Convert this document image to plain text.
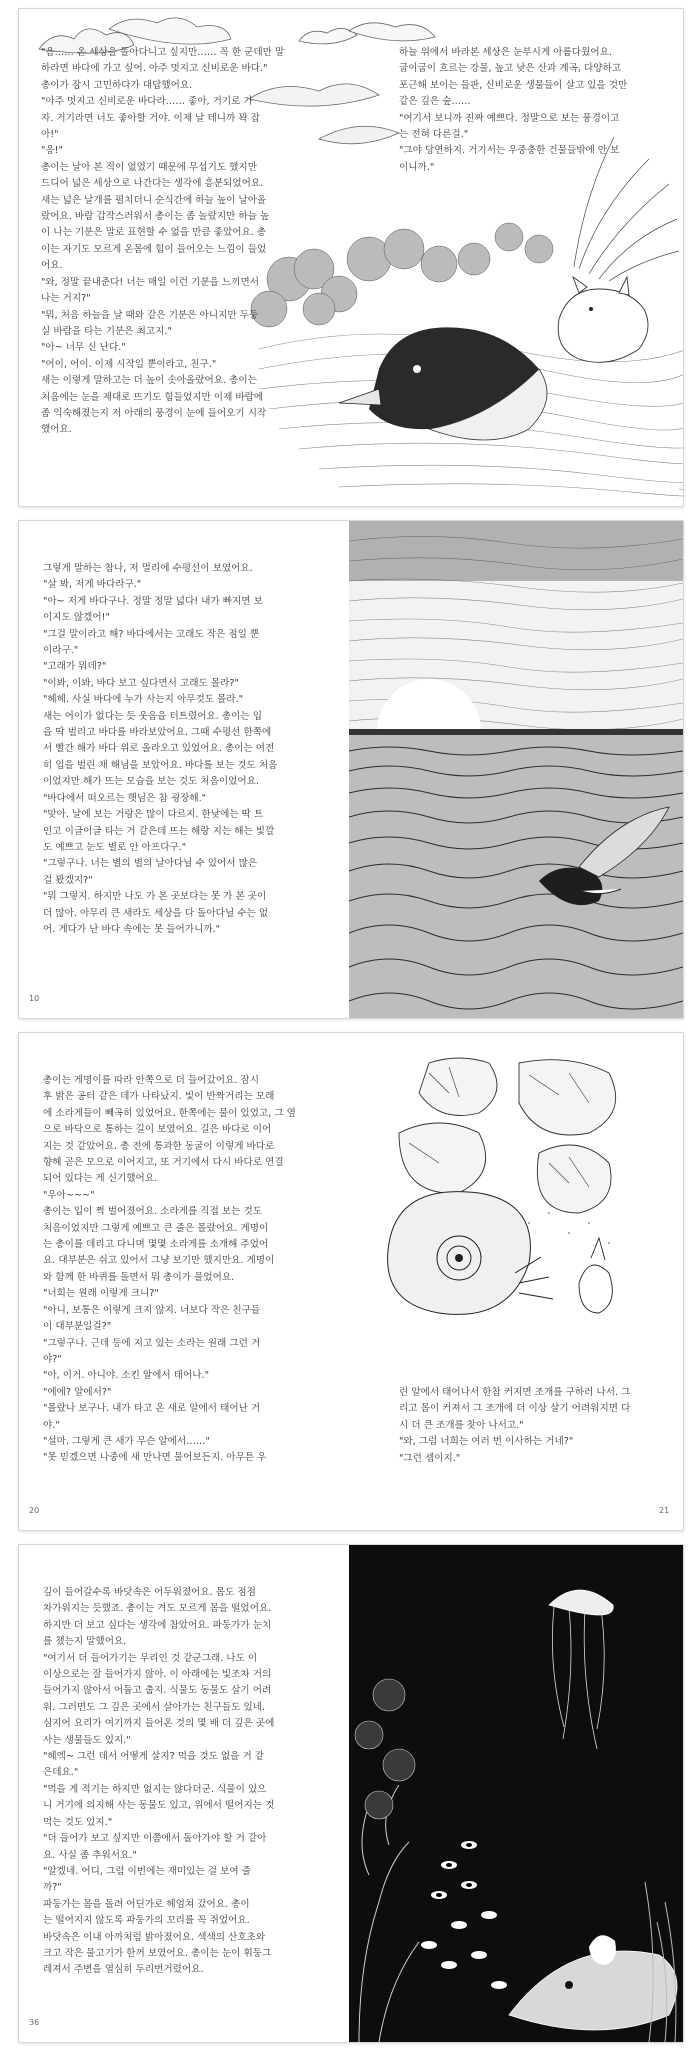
"음…… 온 세상을 돌아다니고 싶지만…… 꼭 한 군데만 말

하라면 바다에 가고 싶어. 아주 멋지고 신비로운 바다."

총이가 잠시 고민하다가 대답했어요.

"아주 멋지고 신비로운 바다라…… 좋아, 거기로 가

자. 거기라면 너도 좋아할 거야. 이제 날 테니까 꽉 잡

아!"

"응!"

총이는 날아 본 적이 없었기 때문에 무섭기도 했지만

드디어 넓은 세상으로 나간다는 생각에 흥분되었어요.

새는 넓은 날개를 펼치더니 순식간에 하늘 높이 날아올

랐어요. 바람 갑작스러워서 총이는 좀 놀랐지만 하늘 높

이 나는 기분은 말로 표현할 수 없을 만큼 좋았어요. 총

이는 자기도 모르게 온몸에 힘이 들어오는 느낌이 들었

어요.

"와, 정말 끝내준다! 너는 매일 이런 기분을 느끼면서

나는 거지?"

"뭐, 처음 하늘을 날 때와 같은 기분은 아니지만 두둥

실 바람을 타는 기분은 최고지."

"아~ 너무 신 난다."

"어이, 어이. 이제 시작일 뿐이라고, 친구."

새는 이렇게 말하고는 더 높이 솟아올랐어요. 총이는

처음에는 눈을 제대로 뜨기도 힘들었지만 이제 바람에

좀 익숙해졌는지 저 아래의 풍경이 눈에 들어오기 시작

했어요.

하늘 위에서 바라본 세상은 눈부시게 아름다웠어요.

굽이굽이 흐르는 강물, 높고 낮은 산과 계곡, 다양하고

포근해 보이는 들판, 신비로운 생물들이 살고 있을 것만

같은 깊은 숲……

"여기서 보니까 진짜 예쁘다. 정말으로 보는 풍경이고

는 전혀 다른걸."

"그야 당연하지. 거기서는 우중충한 건물들밖에 안 보

이니까."

그렇게 말하는 참나, 저 멀리에 수평선이 보였어요.

"살 봐, 저게 바다라구."

"아~ 저게 바다구나. 정말 정말 넓다! 내가 빠지면 보

이지도 않겠어!"

"그걸 말이라고 해? 바다에서는 고래도 작은 점일 뿐

이라구."

"고래가 뭐데?"

"이봐, 이봐, 바다 보고 싶다면서 고래도 몰라?"

"헤헤. 사실 바다에 누가 사는지 아무것도 몰라."

새는 어이가 없다는 듯 웃음을 터트렸어요. 총이는 입

을 딱 벌리고 바다를 바라보았어요. 그때 수평선 한쪽에

서 빨간 해가 바다 위로 올라오고 있었어요. 총이는 여전

히 입을 벌린 채 해님을 보았어요. 바다를 보는 것도 처음

이었지만 해가 뜨는 모습을 보는 것도 처음이었어요.

"바다에서 떠오르는 햇님은 참 굉장해."

"맞아. 날에 보는 거랑은 많이 다르지. 한낮에는 딱 트

인고 이글이글 타는 거 같은데 뜨는 해랑 지는 해는 빛깔

도 예쁘고 눈도 별로 안 아프다구."

"그렇구나. 너는 별의 별의 날아다닐 수 있어서 많은

걸 봤겠지?"

"뭐 그렇지. 하지만 나도 가 본 곳보다는 못 가 본 곳이

더 많아. 아무리 큰 새라도 세상을 다 돌아다닐 수는 없

어. 게다가 난 바다 속에는 못 들어가니까."

10

총이는 게명이를 따라 안쪽으로 더 들어갔어요. 잠시

후 밝은 공터 같은 데가 나타났지. 빛이 반짝거리는 모래

에 소라게들이 빼곡히 있었어요. 한쪽에는 물이 있었고, 그 옆

으로 바닥으로 통하는 길이 보였어요. 길은 바다로 이어

지는 것 같았어요. 총 전에 통과한 동굴이 이렇게 바다로

향해 곧은 모으로 이어지고, 또 거기에서 다시 바다로 연결

되어 있다는 게 신기했어요.

"우아~~~"

총이는 입이 쩍 벌어졌어요. 소라게를 직접 보는 것도

처음이었지만 그렇게 예쁘고 큰 줄은 몰랐어요. 게명이

는 총이를 데리고 다니며 몇몇 소라게를 소개해 주었어

요. 대부분은 쉬고 있어서 그냥 보기만 했지만요. 게명이

와 함께 한 바퀴를 돌면서 뭐 총이가 물었어요.

"너희는 원래 이렇게 크니?"

"아니, 보통은 이렇게 크지 않지. 너보다 작은 친구들

이 대부분일걸?"

"그렇구나. 근데 등에 지고 있는 소라는 원래 그런 거

야?"

"아, 이거. 아니야. 소킨 알에서 태어나."

"에에? 알에서?"

"몰랐나 보구나. 내가 타고 온 새로 알에서 태어난 거

야."

"설마. 그렇게 큰 새가 무슨 알에서……"

"못 믿겠으면 나중에 새 만나면 물어보든지. 아무튼 우

20

린 알에서 태어나서 한참 커지면 조개를 구하러 나서. 그

리고 몸이 커져서 그 조개에 더 이상 살기 어려워지면 다

시 더 큰 조개를 찾아 나서고."

"와, 그럼 너희는 여러 번 이사하는 거네?"

"그런 셈이지."

21

깊이 들어갈수록 바닷속은 어두워졌어요. 몸도 점점

차가워지는 듯했죠. 총이는 겨도 모르게 몸을 떨었어요.

하지만 더 보고 싶다는 생각에 참았어요. 파둥가가 눈치

를 챘는지 말했어요.

"여기서 더 들어가기는 무리인 것 같군그래. 나도 이

이상으로는 잘 들어가지 않아. 이 아래에는 빛조차 거의

들어가지 않아서 어둡고 춥지. 식물도 동물도 살기 어려

워. 그러면도 그 깊은 곳에서 살아가는 친구들도 있네.

심지어 요리가 여기까지 들어온 것의 몇 배 더 깊은 곳에

사는 생물들도 있지."

"헤엑~ 그런 데서 어떻게 살지? 먹을 것도 없을 거 같

은데요."

"먹을 게 적기는 하지만 없지는 않다더군. 식물이 있으

니 거기에 의지해 사는 동물도 있고, 위에서 떨어지는 것

먹는 것도 있지."

"더 들어가 보고 싶지만 이쯤에서 돌아가야 할 거 같아

요. 사실 좀 추워서요."

"알겠네. 어디, 그럼 이번에는 재미있는 걸 보여 줄

까?"

파둥가는 몸을 돌려 어딘가로 헤엄쳐 갔어요. 총이

는 떨어지지 않도록 파둥가의 꼬리를 꼭 쥐었어요.

바닷속은 이내 아까처럼 밝아졌어요. 색색의 산호초와

크고 작은 물고기가 한꺼 보였어요. 총이는 눈이 휘둥그

레져서 주변을 열심히 두리번거렸어요.

36
